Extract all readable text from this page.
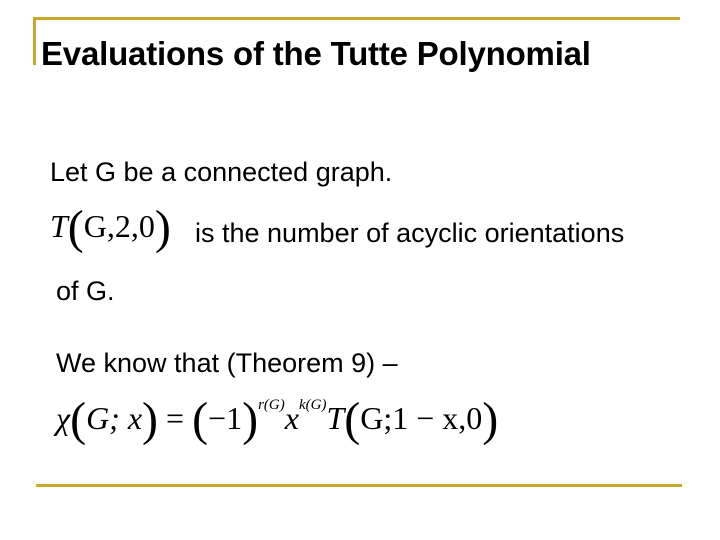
Evaluations of the Tutte Polynomial
Let G be a connected graph.
T(G,2,0) is the number of acyclic orientations
of G.
We know that (Theorem 9) –
χ(G; $x) = (-1)^{r(G)}x^{k(G)}T(G;1 - x,0)$
